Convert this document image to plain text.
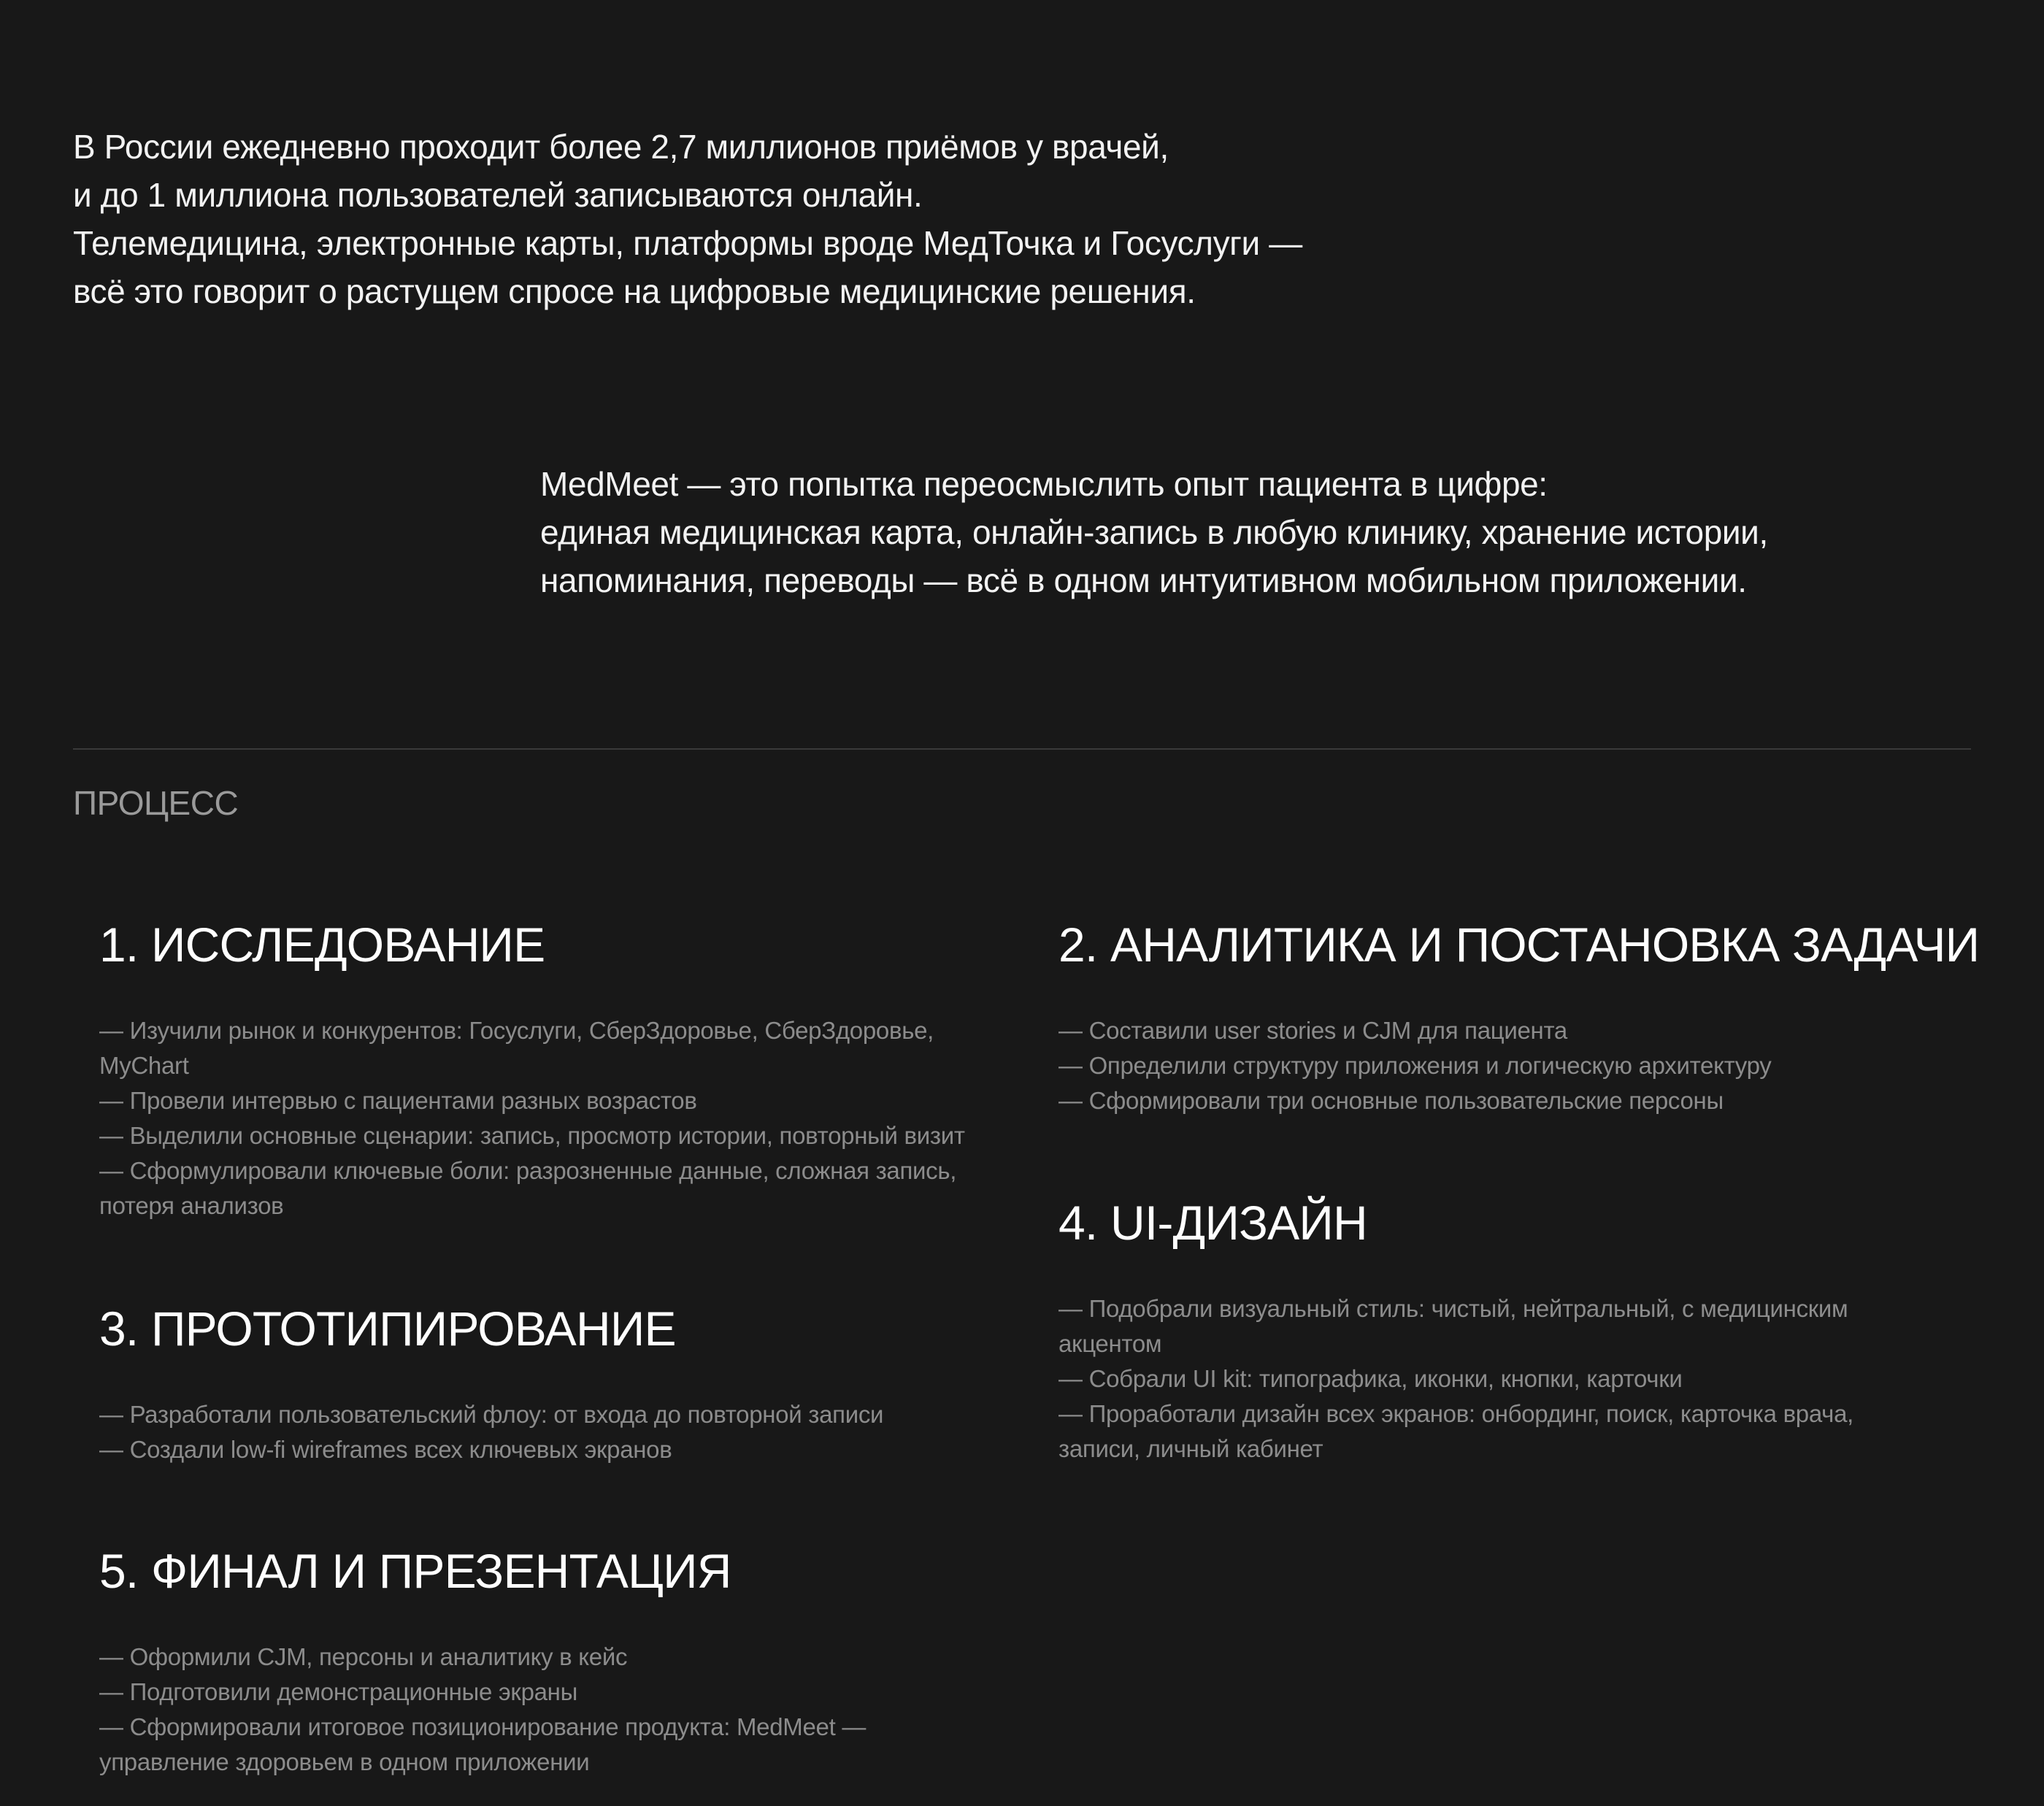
В России ежедневно проходит более 2,7 миллионов приёмов у врачей,
и до 1 миллиона пользователей записываются онлайн.
Телемедицина, электронные карты, платформы вроде МедТочка и Госуслуги —
всё это говорит о растущем спросе на цифровые медицинские решения.
MedMeet — это попытка переосмыслить опыт пациента в цифре:
единая медицинская карта, онлайн-запись в любую клинику, хранение истории,
напоминания, переводы — всё в одном интуитивном мобильном приложении.
ПРОЦЕСС
1. ИССЛЕДОВАНИЕ
— Изучили рынок и конкурентов: Госуслуги, СберЗдоровье, СберЗдоровье, MyChart
— Провели интервью с пациентами разных возрастов
— Выделили основные сценарии: запись, просмотр истории, повторный визит
— Сформулировали ключевые боли: разрозненные данные, сложная запись, потеря анализов
2. АНАЛИТИКА И ПОСТАНОВКА ЗАДАЧИ
— Составили user stories и CJM для пациента
— Определили структуру приложения и логическую архитектуру
— Сформировали три основные пользовательские персоны
3. ПРОТОТИПИРОВАНИЕ
— Разработали пользовательский флоу: от входа до повторной записи
— Создали low-fi wireframes всех ключевых экранов
4. UI-ДИЗАЙН
— Подобрали визуальный стиль: чистый, нейтральный, с медицинским акцентом
— Собрали UI kit: типографика, иконки, кнопки, карточки
— Проработали дизайн всех экранов: онбординг, поиск, карточка врача, записи, личный кабинет
5. ФИНАЛ И ПРЕЗЕНТАЦИЯ
— Оформили CJM, персоны и аналитику в кейс
— Подготовили демонстрационные экраны
— Сформировали итоговое позиционирование продукта: MedMeet — управление здоровьем в одном приложении
